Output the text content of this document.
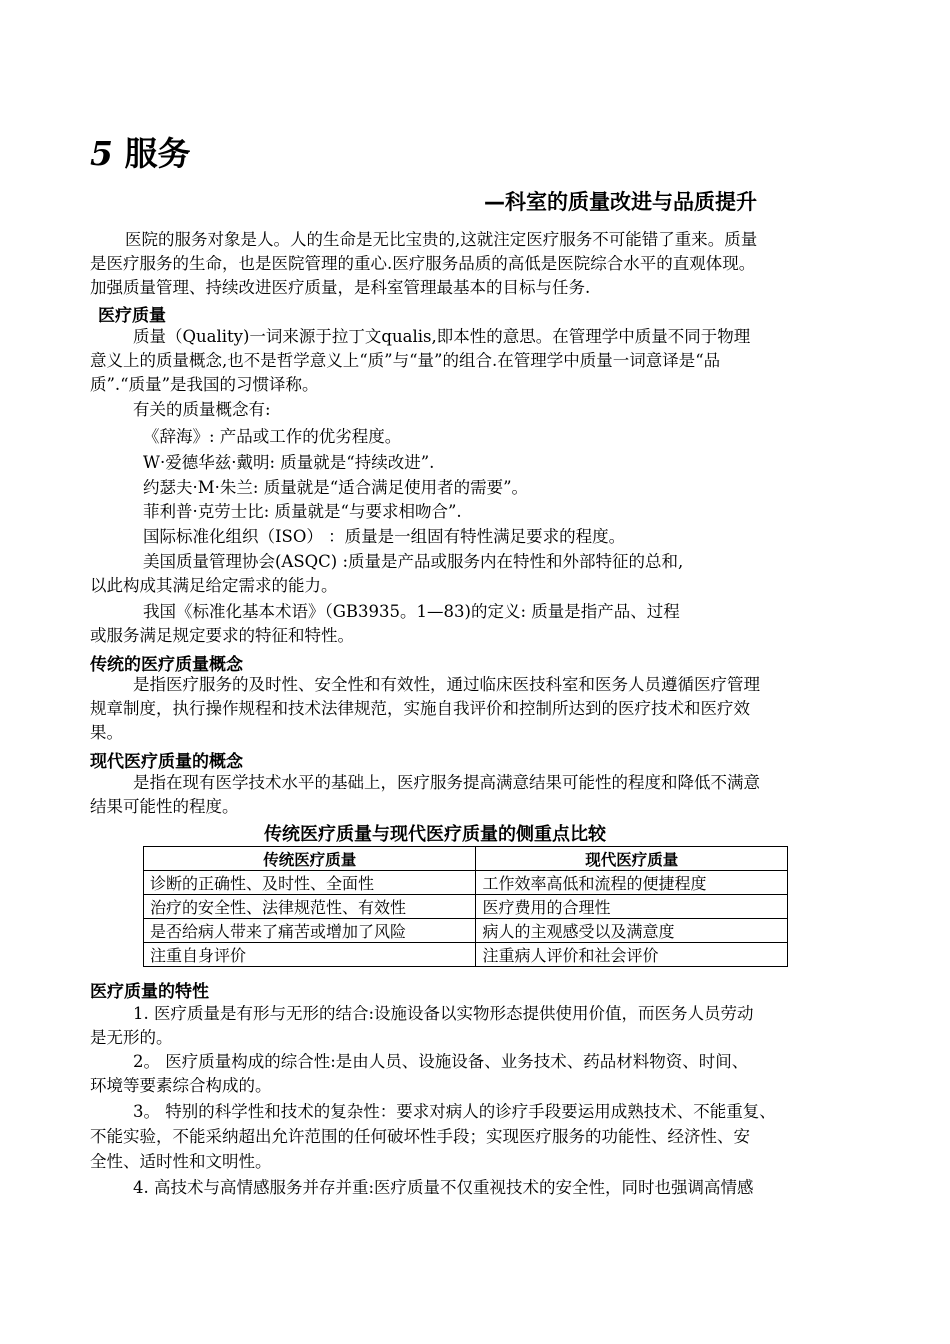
5 服务
—科室的质量改进与品质提升
医院的服务对象是人。人的生命是无比宝贵的,这就注定医疗服务不可能错了重来。质量
是医疗服务的生命，也是医院管理的重心.医疗服务品质的高低是医院综合水平的直观体现。
加强质量管理、持续改进医疗质量，是科室管理最基本的目标与任务.
医疗质量
质量（Quality)一词来源于拉丁文qualis,即本性的意思。在管理学中质量不同于物理
意义上的质量概念,也不是哲学意义上“质”与“量”的组合.在管理学中质量一词意译是“品
质”.“质量”是我国的习惯译称。
有关的质量概念有:
《辞海》: 产品或工作的优劣程度。
W·爱德华兹·戴明: 质量就是“持续改进”.
约瑟夫·M·朱兰: 质量就是“适合满足使用者的需要”。
菲利普·克劳士比: 质量就是“与要求相吻合”.
国际标准化组织（ISO） ：质量是一组固有特性满足要求的程度。
美国质量管理协会(ASQC) :质量是产品或服务内在特性和外部特征的总和,
以此构成其满足给定需求的能力。
我国《标准化基本术语》（GB3935。1—83)的定义: 质量是指产品、过程
或服务满足规定要求的特征和特性。
传统的医疗质量概念
是指医疗服务的及时性、安全性和有效性，通过临床医技科室和医务人员遵循医疗管理
规章制度，执行操作规程和技术法律规范，实施自我评价和控制所达到的医疗技术和医疗效
果。
现代医疗质量的概念
是指在现有医学技术水平的基础上，医疗服务提高满意结果可能性的程度和降低不满意
结果可能性的程度。
传统医疗质量与现代医疗质量的侧重点比较
传统医疗质量	现代医疗质量
诊断的正确性、及时性、全面性	工作效率高低和流程的便捷程度
治疗的安全性、法律规范性、有效性	医疗费用的合理性
是否给病人带来了痛苦或增加了风险	病人的主观感受以及满意度
注重自身评价	注重病人评价和社会评价
医疗质量的特性
1. 医疗质量是有形与无形的结合:设施设备以实物形态提供使用价值，而医务人员劳动
是无形的。
2。 医疗质量构成的综合性:是由人员、设施设备、业务技术、药品材料物资、时间、
环境等要素综合构成的。
3。 特别的科学性和技术的复杂性：要求对病人的诊疗手段要运用成熟技术、不能重复、
不能实验，不能采纳超出允许范围的任何破坏性手段；实现医疗服务的功能性、经济性、安
全性、适时性和文明性。
4. 高技术与高情感服务并存并重:医疗质量不仅重视技术的安全性，同时也强调高情感
